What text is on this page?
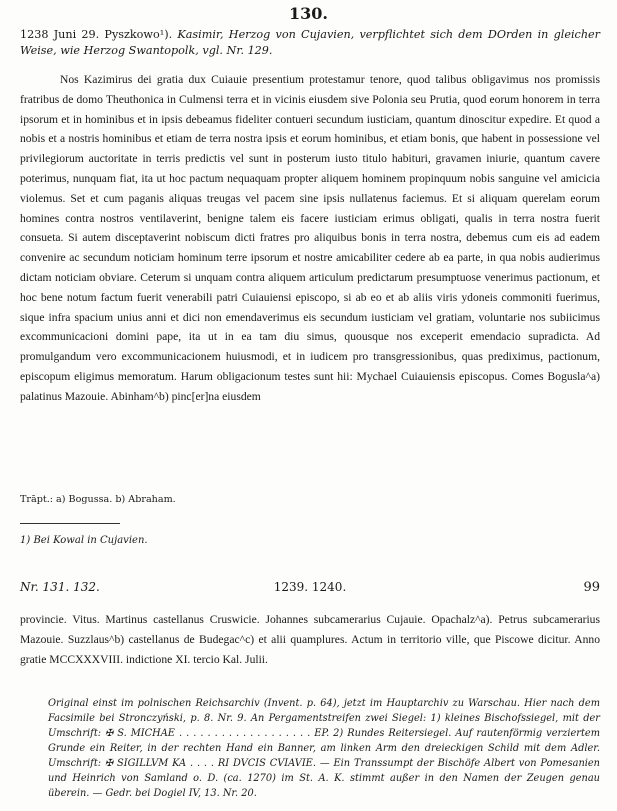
130.
1238 Juni 29. Pyszkowo¹). Kasimir, Herzog von Cujavien, verpflichtet sich dem DOrden in gleicher Weise, wie Herzog Swantopolk, vgl. Nr. 129.
Nos Kazimirus dei gratia dux Cuiauie presentium protestamur tenore, quod talibus obligavimus nos promissis fratribus de domo Theuthonica in Culmensi terra et in vicinis eiusdem sive Polonia seu Prutia, quod eorum honorem in terra ipsorum et in hominibus et in ipsis debeamus fideliter contueri secundum iusticiam, quantum dinoscitur expedire. Et quod a nobis et a nostris hominibus et etiam de terra nostra ipsis et eorum hominibus, et etiam bonis, que habent in possessione vel privilegiorum auctoritate in terris predictis vel sunt in posterum iusto titulo habituri, gravamen iniurie, quantum cavere poterimus, nunquam fiat, ita ut hoc pactum nequaquam propter aliquem hominem propinquum nobis sanguine vel amicicia violemus. Set et cum paganis aliquas treugas vel pacem sine ipsis nullatenus faciemus. Et si aliquam querelam eorum homines contra nostros ventilaverint, benigne talem eis facere iusticiam erimus obligati, qualis in terra nostra fuerit consueta. Si autem disceptaverint nobiscum dicti fratres pro aliquibus bonis in terra nostra, debemus cum eis ad eadem convenire ac secundum noticiam hominum terre ipsorum et nostre amicabiliter cedere ab ea parte, in qua nobis audierimus dictam noticiam obviare. Ceterum si unquam contra aliquem articulum predictarum presumptuose venerimus pactionum, et hoc bene notum factum fuerit venerabili patri Cuiauiensi episcopo, si ab eo et ab aliis viris ydoneis commoniti fuerimus, sique infra spacium unius anni et dici non emendaverimus eis secundum iusticiam vel gratiam, voluntarie nos subiicimus excommunicacioni domini pape, ita ut in ea tam diu simus, quousque nos exceperit emendacio supradicta. Ad promulgandum vero excommunicacionem huiusmodi, et in iudicem pro transgressionibus, quas prediximus, pactionum, episcopum eligimus memoratum. Harum obligacionum testes sunt hii: Mychael Cuiauiensis episcopus. Comes Bogusla^a) palatinus Mazouie. Abinham^b) pinc[er]na eiusdem
Trāpt.: a) Bogussa. b) Abraham.
1) Bei Kowal in Cujavien.
Nr. 131. 132.	1239. 1240.	99
provincie. Vitus. Martinus castellanus Cruswicie. Johannes subcamerarius Cujauie. Opachalz^a). Petrus subcamerarius Mazouie. Suzzlaus^b) castellanus de Budegac^c) et alii quamplures. Actum in territorio ville, que Piscowe dicitur. Anno gratie MCCXXXVIII. indictione XI. tercio Kal. Julii.
Original einst im polnischen Reichsarchiv (Invent. p. 64), jetzt im Hauptarchiv zu Warschau. Hier nach dem Facsimile bei Stronczyński, p. 8. Nr. 9. An Pergamentstreifen zwei Siegel: 1) kleines Bischofssiegel, mit der Umschrift: ✠ S. MICHAE . . . . . . . . . . . . . . . . . . . EP. 2) Rundes Reitersiegel. Auf rautenförmig verziertem Grunde ein Reiter, in der rechten Hand ein Banner, am linken Arm den dreieckigen Schild mit dem Adler. Umschrift: ✠ SIGILLVM KA . . . . RI DVCIS CVIAVIE. — Ein Transsumpt der Bischöfe Albert von Pomesanien und Heinrich von Samland o. D. (ca. 1270) im St. A. K. stimmt außer in den Namen der Zeugen genau überein. — Gedr. bei Dogiel IV, 13. Nr. 20.
